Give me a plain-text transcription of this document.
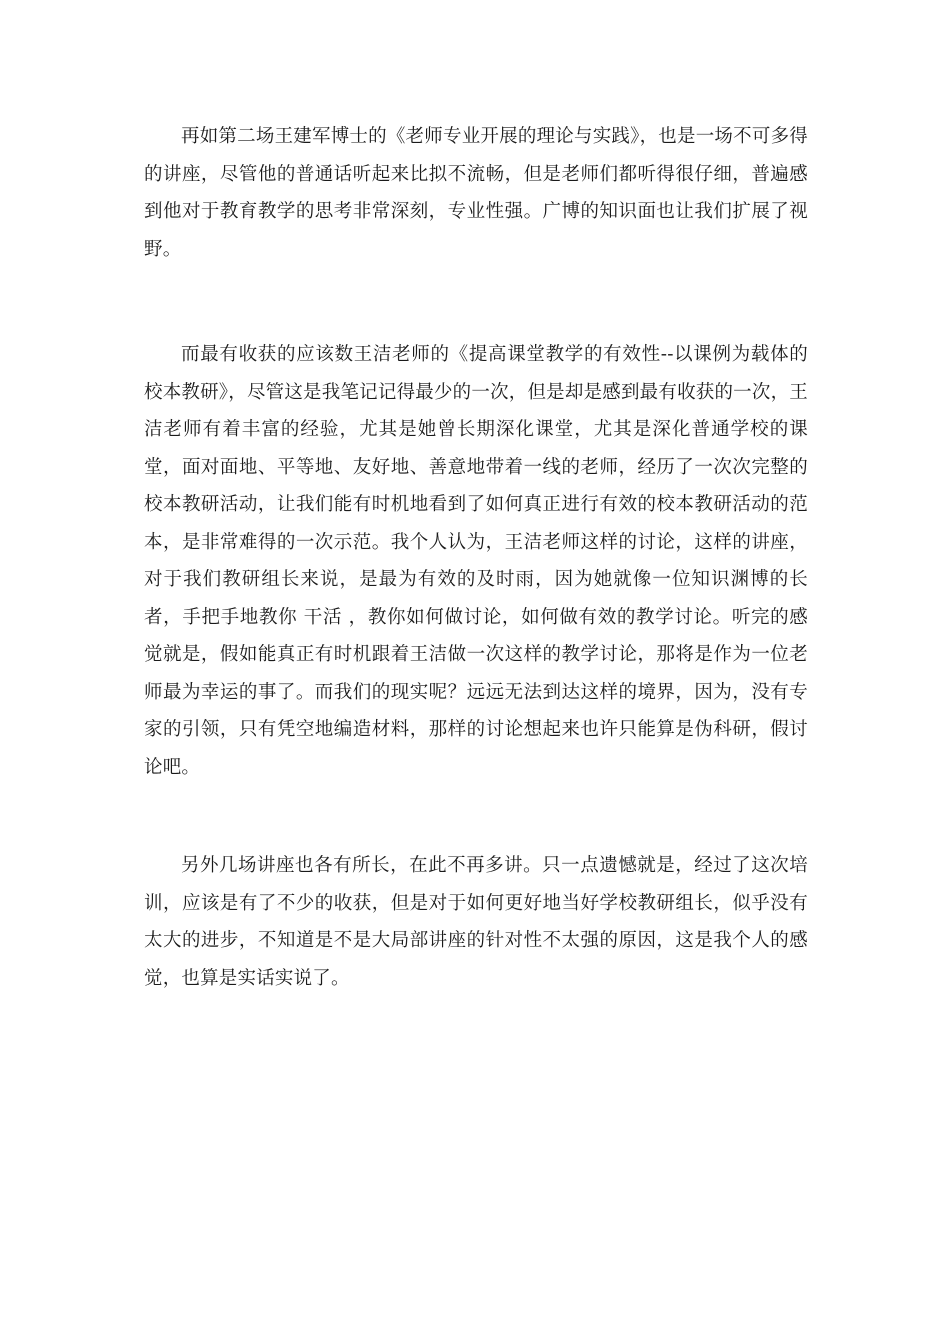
再如第二场王建军博士的《老师专业开展的理论与实践》，也是一场不可多得的讲座，尽管他的普通话听起来比拟不流畅，但是老师们都听得很仔细，普遍感到他对于教育教学的思考非常深刻，专业性强。广博的知识面也让我们扩展了视野。

而最有收获的应该数王洁老师的《提高课堂教学的有效性--以课例为载体的校本教研》，尽管这是我笔记记得最少的一次，但是却是感到最有收获的一次，王洁老师有着丰富的经验，尤其是她曾长期深化课堂，尤其是深化普通学校的课堂，面对面地、平等地、友好地、善意地带着一线的老师，经历了一次次完整的校本教研活动，让我们能有时机地看到了如何真正进行有效的校本教研活动的范本，是非常难得的一次示范。我个人认为，王洁老师这样的讨论，这样的讲座，对于我们教研组长来说，是最为有效的及时雨，因为她就像一位知识渊博的长者，手把手地教你 干活 ，教你如何做讨论，如何做有效的教学讨论。听完的感觉就是，假如能真正有时机跟着王洁做一次这样的教学讨论，那将是作为一位老师最为幸运的事了。而我们的现实呢？远远无法到达这样的境界，因为，没有专家的引领，只有凭空地编造材料，那样的讨论想起来也许只能算是伪科研，假讨论吧。

另外几场讲座也各有所长，在此不再多讲。只一点遗憾就是，经过了这次培训，应该是有了不少的收获，但是对于如何更好地当好学校教研组长，似乎没有太大的进步，不知道是不是大局部讲座的针对性不太强的原因，这是我个人的感觉，也算是实话实说了。
